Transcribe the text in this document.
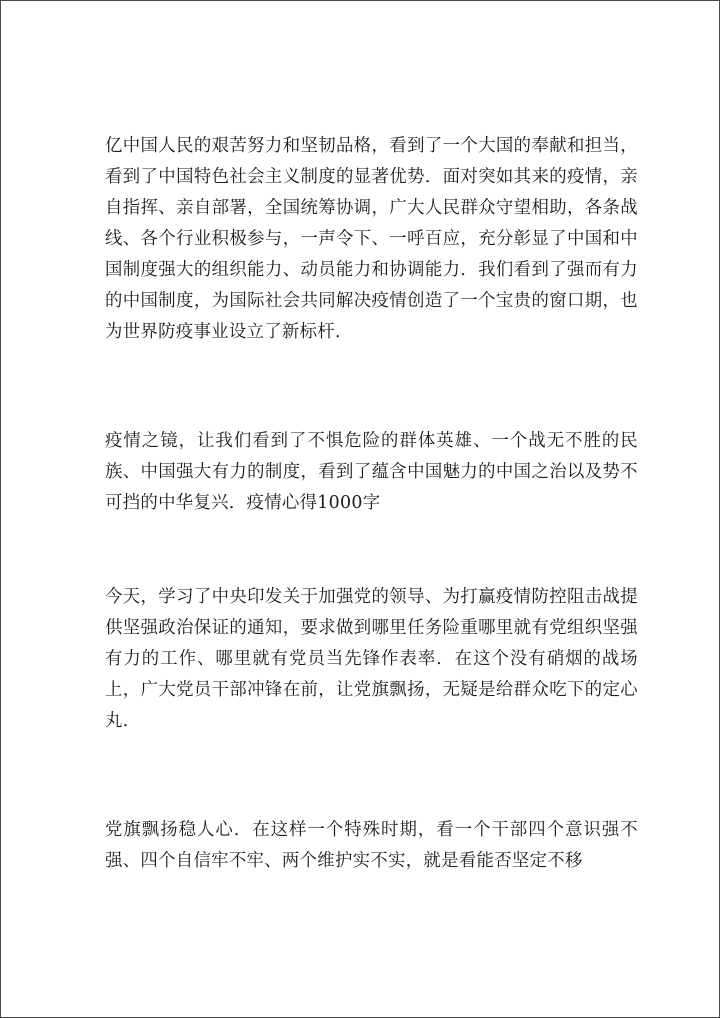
亿中国人民的艰苦努力和坚韧品格，看到了一个大国的奉献和担当，看到了中国特色社会主义制度的显著优势．面对突如其来的疫情，亲自指挥、亲自部署，全国统筹协调，广大人民群众守望相助，各条战线、各个行业积极参与，一声令下、一呼百应，充分彰显了中国和中国制度强大的组织能力、动员能力和协调能力．我们看到了强而有力的中国制度，为国际社会共同解决疫情创造了一个宝贵的窗口期，也为世界防疫事业设立了新标杆．

疫情之镜，让我们看到了不惧危险的群体英雄、一个战无不胜的民族、中国强大有力的制度，看到了蕴含中国魅力的中国之治以及势不可挡的中华复兴．疫情心得1000字

今天，学习了中央印发关于加强党的领导、为打赢疫情防控阻击战提供坚强政治保证的通知，要求做到哪里任务险重哪里就有党组织坚强有力的工作、哪里就有党员当先锋作表率．在这个没有硝烟的战场上，广大党员干部冲锋在前，让党旗飘扬，无疑是给群众吃下的定心丸．

党旗飘扬稳人心．在这样一个特殊时期，看一个干部四个意识强不强、四个自信牢不牢、两个维护实不实，就是看能否坚定不移
